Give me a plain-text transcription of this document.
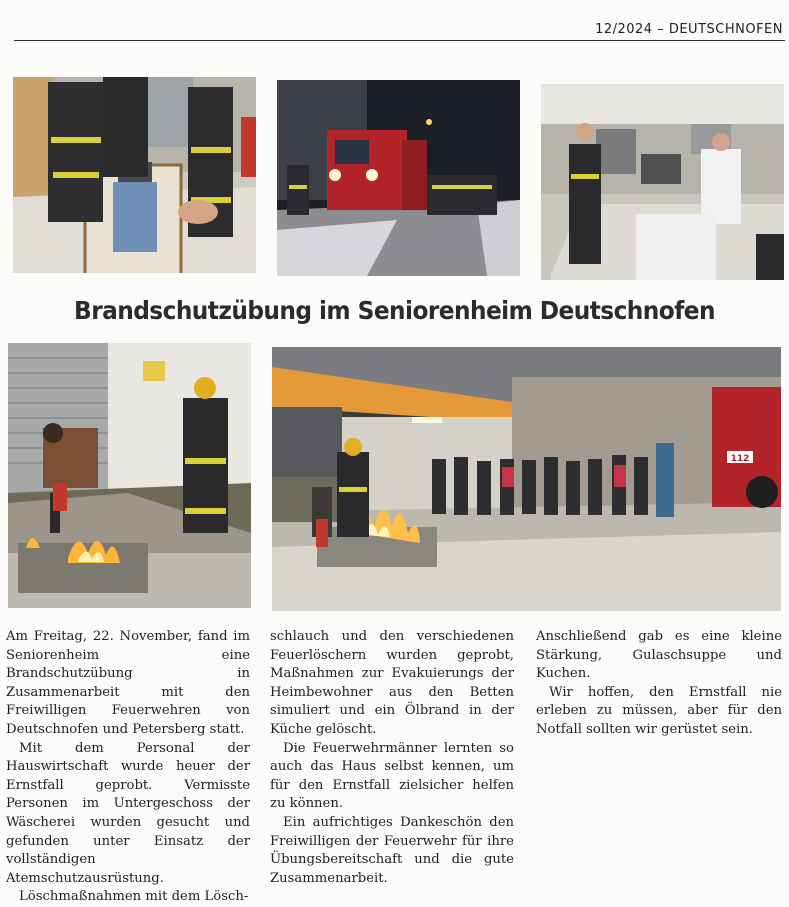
12/2024 – DEUTSCHNOFEN
Brandschutzübung im Seniorenheim Deutschnofen
112

Am Freitag, 22. November, fand im Seniorenheim eine Brandschutzübung in Zusammenarbeit mit den Freiwilligen Feuerwehren von Deutschnofen und Petersberg statt.

Mit dem Personal der Hauswirtschaft wurde heuer der Ernstfall geprobt. Vermisste Personen im Untergeschoss der Wäscherei wurden gesucht und gefunden unter Einsatz der vollständigen Atemschutzausrüstung.

Löschmaßnahmen mit dem Lösch-

schlauch und den verschiedenen Feuerlöschern wurden geprobt, Maßnahmen zur Evakuierungs der Heimbewohner aus den Betten simuliert und ein Ölbrand in der Küche gelöscht.

Die Feuerwehrmänner lernten so auch das Haus selbst kennen, um für den Ernstfall zielsicher helfen zu können.

Ein aufrichtiges Dankeschön den Freiwilligen der Feuerwehr für ihre Übungsbereitschaft und die gute Zusammenarbeit.

Anschließend gab es eine kleine Stärkung, Gulaschsuppe und Kuchen.

Wir hoffen, den Ernstfall nie erleben zu müssen, aber für den Notfall sollten wir gerüstet sein.
